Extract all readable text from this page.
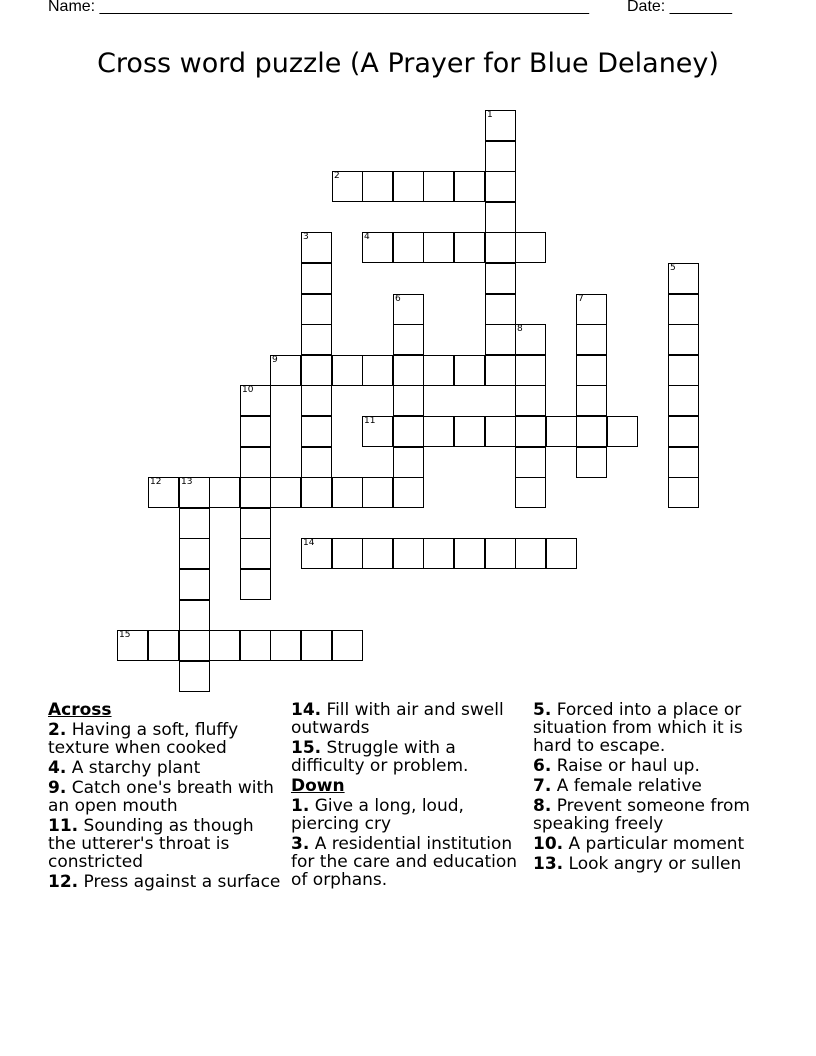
Name: _______________________________________________________ Date: _______
Cross word puzzle (A Prayer for Blue Delaney)
1
2
3	4
5
6	7
8
9
10
11
12 13
14
15
Across
2. Having a soft, fluffy texture when cooked
4. A starchy plant
9. Catch one's breath with an open mouth
11. Sounding as though the utterer's throat is constricted
12. Press against a surface
14. Fill with air and swell outwards
15. Struggle with a difficulty or problem.
Down
1. Give a long, loud, piercing cry
3. A residential institution for the care and education of orphans.
5. Forced into a place or situation from which it is hard to escape.
6. Raise or haul up.
7. A female relative
8. Prevent someone from speaking freely
10. A particular moment
13. Look angry or sullen
